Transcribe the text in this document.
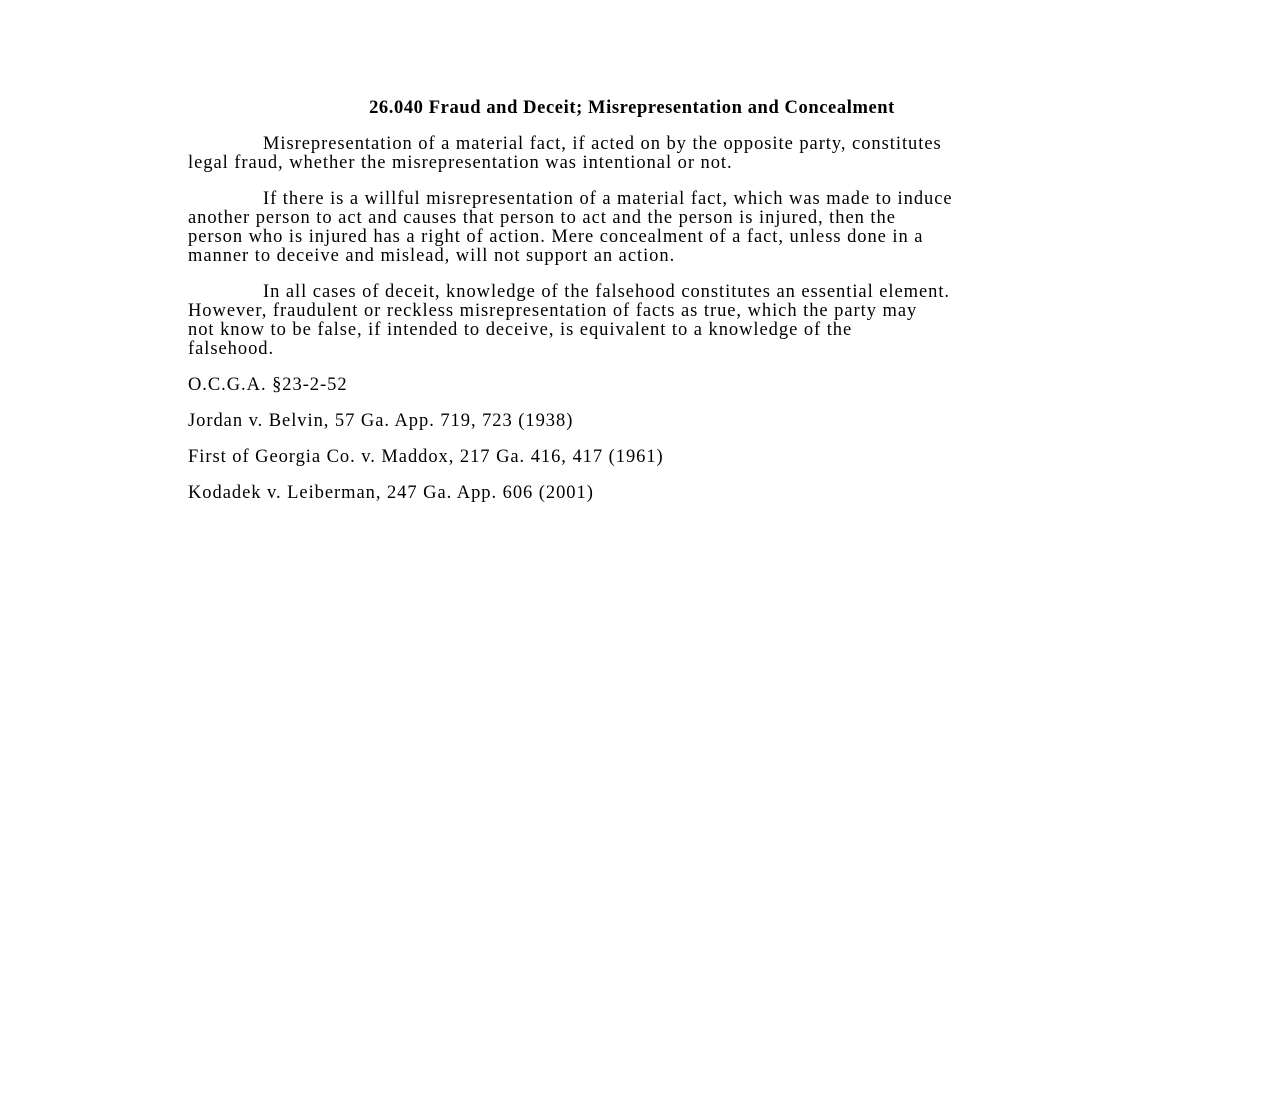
26.040 Fraud and Deceit; Misrepresentation and Concealment
Misrepresentation of a material fact, if acted on by the opposite party, constitutes
legal fraud, whether the misrepresentation was intentional or not.
If there is a willful misrepresentation of a material fact, which was made to induce
another person to act and causes that person to act and the person is injured, then the
person who is injured has a right of action. Mere concealment of a fact, unless done in a
manner to deceive and mislead, will not support an action.
In all cases of deceit, knowledge of the falsehood constitutes an essential element.
However, fraudulent or reckless misrepresentation of facts as true, which the party may
not know to be false, if intended to deceive, is equivalent to a knowledge of the
falsehood.
O.C.G.A. §23-2-52
Jordan v. Belvin, 57 Ga. App. 719, 723 (1938)
First of Georgia Co. v. Maddox, 217 Ga. 416, 417 (1961)
Kodadek v. Leiberman, 247 Ga. App. 606 (2001)
